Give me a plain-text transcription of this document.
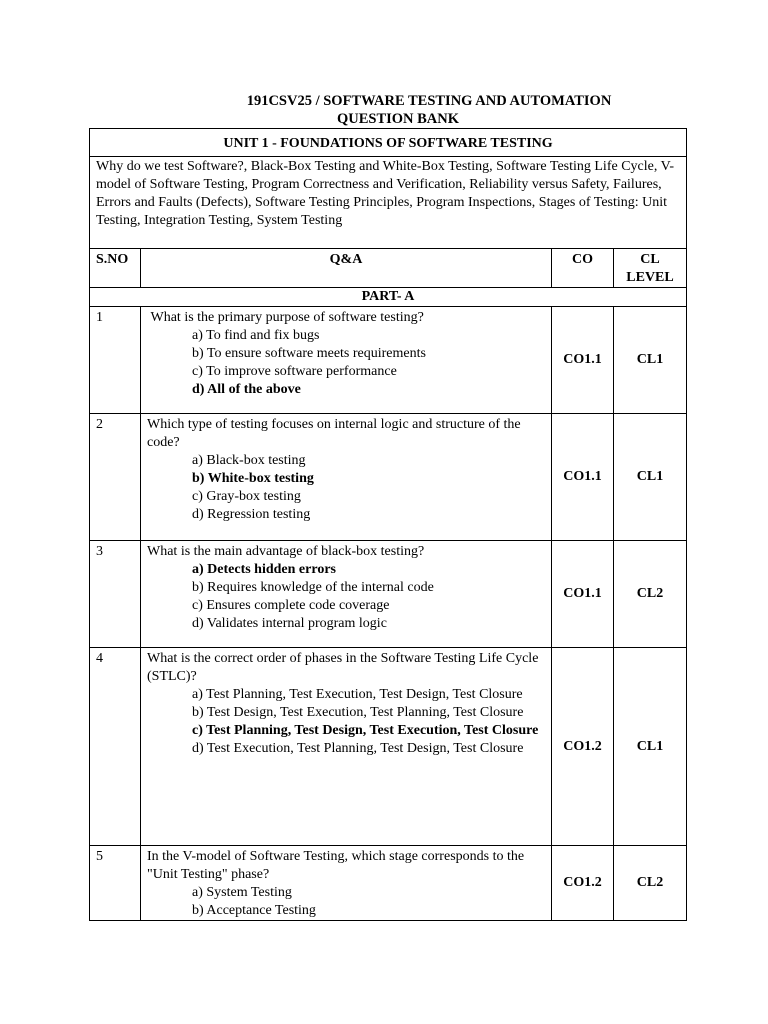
191CSV25 / SOFTWARE TESTING AND AUTOMATION
QUESTION BANK
UNIT 1 - FOUNDATIONS OF SOFTWARE TESTING			
Why do we test Software?, Black-Box Testing and White-Box Testing, Software Testing Life Cycle, V-model of Software Testing, Program Correctness and Verification, Reliability versus Safety, Failures, Errors and Faults (Defects), Software Testing Principles, Program Inspections, Stages of Testing: Unit Testing, Integration Testing, System Testing			
S.NO	Q&A	CO	CL
LEVEL

PART- A			
1	What is the primary purpose of software testing?
a) To find and fix bugs
b) To ensure software meets requirements
c) To improve software performance
d) All of the above	CO1.1	CL1
2	Which type of testing focuses on internal logic and structure of the code?
a) Black-box testing
b) White-box testing
c) Gray-box testing
d) Regression testing	CO1.1	CL1
3	What is the main advantage of black-box testing?
a) Detects hidden errors
b) Requires knowledge of the internal code
c) Ensures complete code coverage
d) Validates internal program logic	CO1.1	CL2
4	What is the correct order of phases in the Software Testing Life Cycle (STLC)?
a) Test Planning, Test Execution, Test Design, Test Closure
b) Test Design, Test Execution, Test Planning, Test Closure
c) Test Planning, Test Design, Test Execution, Test Closure
d) Test Execution, Test Planning, Test Design, Test Closure	CO1.2	CL1
5	In the V-model of Software Testing, which stage corresponds to the "Unit Testing" phase?
a) System Testing
b) Acceptance Testing	CO1.2	CL2
